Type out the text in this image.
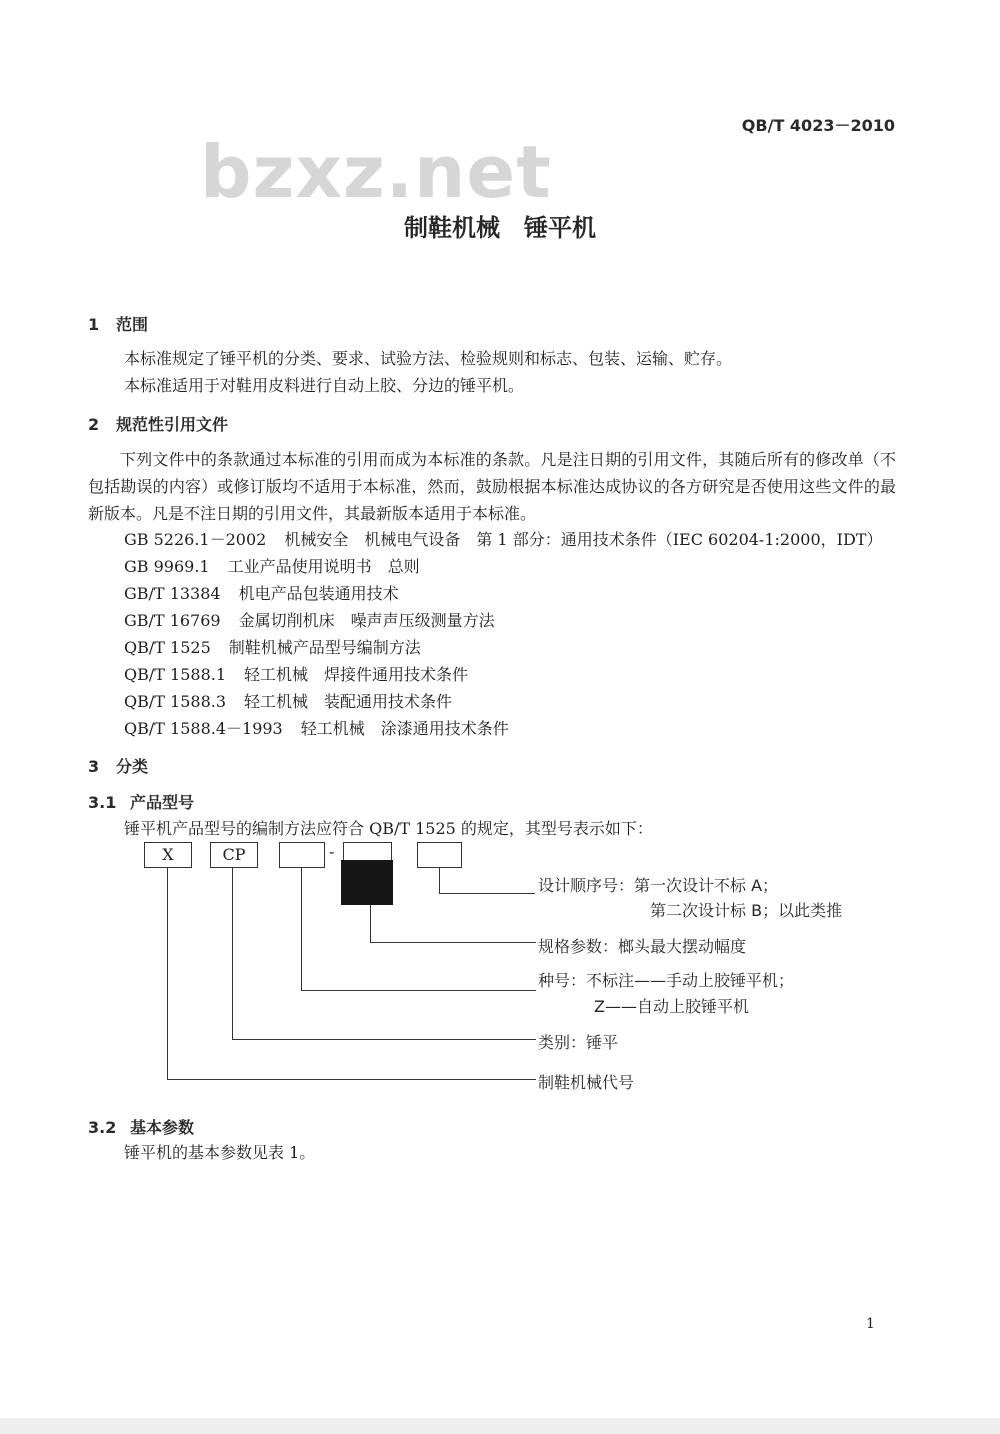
QB/T 4023－2010
bzxz.net
制鞋机械　锤平机
1 范围
本标准规定了锤平机的分类、要求、试验方法、检验规则和标志、包装、运输、贮存。
本标准适用于对鞋用皮料进行自动上胶、分边的锤平机。
2 规范性引用文件
下列文件中的条款通过本标准的引用而成为本标准的条款。凡是注日期的引用文件，其随后所有的修改单（不包括勘误的内容）或修订版均不适用于本标准，然而，鼓励根据本标准达成协议的各方研究是否使用这些文件的最新版本。凡是不注日期的引用文件，其最新版本适用于本标准。
GB 5226.1－2002 机械安全　机械电气设备　第 1 部分：通用技术条件（IEC 60204-1:2000，IDT）
GB 9969.1 工业产品使用说明书　总则
GB/T 13384 机电产品包装通用技术
GB/T 16769 金属切削机床　噪声声压级测量方法
QB/T 1525 制鞋机械产品型号编制方法
QB/T 1588.1 轻工机械　焊接件通用技术条件
QB/T 1588.3 轻工机械　装配通用技术条件
QB/T 1588.4－1993 轻工机械　涂漆通用技术条件
3 分类
3.1 产品型号
锤平机产品型号的编制方法应符合 QB/T 1525 的规定，其型号表示如下：
X	CP	-
设计顺序号：第一次设计不标 A；
第二次设计标 B；以此类推
规格参数：榔头最大摆动幅度
种号：不标注——手动上胶锤平机；
Z——自动上胶锤平机
类别：锤平
制鞋机械代号
3.2 基本参数
锤平机的基本参数见表 1。
1
